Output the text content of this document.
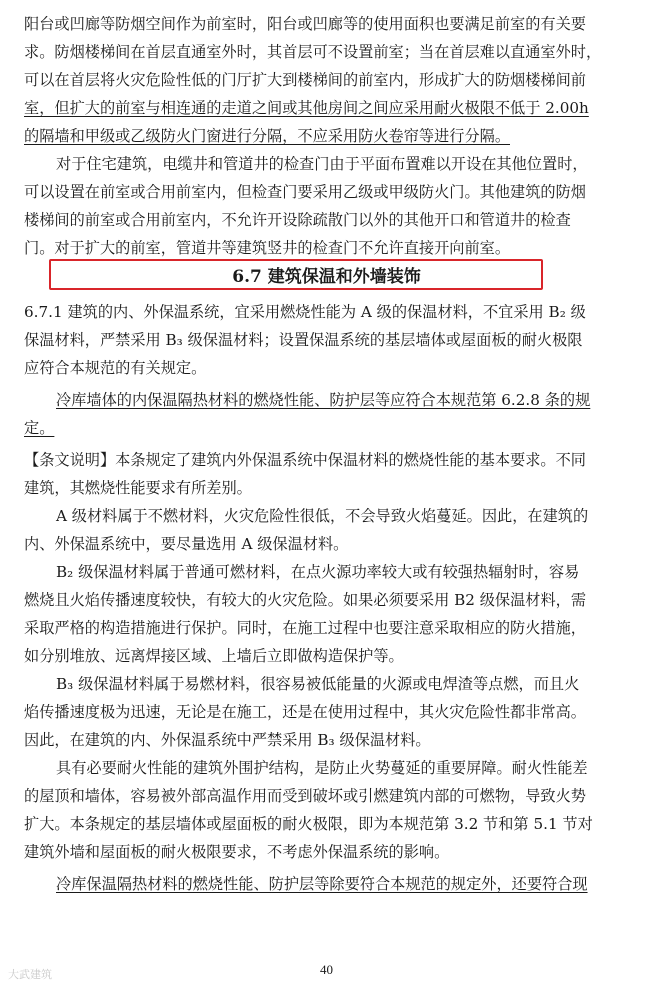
阳台或凹廊等防烟空间作为前室时，阳台或凹廊等的使用面积也要满足前室的有关要
求。防烟楼梯间在首层直通室外时，其首层可不设置前室；当在首层难以直通室外时，
可以在首层将火灾危险性低的门厅扩大到楼梯间的前室内，形成扩大的防烟楼梯间前
室，但扩大的前室与相连通的走道之间或其他房间之间应采用耐火极限不低于 2.00h
的隔墙和甲级或乙级防火门窗进行分隔，不应采用防火卷帘等进行分隔。
对于住宅建筑，电缆井和管道井的检查门由于平面布置难以开设在其他位置时，
可以设置在前室或合用前室内，但检查门要采用乙级或甲级防火门。其他建筑的防烟
楼梯间的前室或合用前室内，不允许开设除疏散门以外的其他开口和管道井的检查
门。对于扩大的前室，管道井等建筑竖井的检查门不允许直接开向前室。
6.7 建筑保温和外墙装饰
6.7.1 建筑的内、外保温系统，宜采用燃烧性能为 A 级的保温材料，不宜采用 B₂ 级
保温材料，严禁采用 B₃ 级保温材料；设置保温系统的基层墙体或屋面板的耐火极限
应符合本规范的有关规定。
冷库墙体的内保温隔热材料的燃烧性能、防护层等应符合本规范第 6.2.8 条的规
定。
【条文说明】本条规定了建筑内外保温系统中保温材料的燃烧性能的基本要求。不同
建筑，其燃烧性能要求有所差别。
A 级材料属于不燃材料，火灾危险性很低，不会导致火焰蔓延。因此，在建筑的
内、外保温系统中，要尽量选用 A 级保温材料。
B₂ 级保温材料属于普通可燃材料，在点火源功率较大或有较强热辐射时，容易
燃烧且火焰传播速度较快，有较大的火灾危险。如果必须要采用 B2 级保温材料，需
采取严格的构造措施进行保护。同时，在施工过程中也要注意采取相应的防火措施，
如分别堆放、远离焊接区域、上墙后立即做构造保护等。
B₃ 级保温材料属于易燃材料，很容易被低能量的火源或电焊渣等点燃，而且火
焰传播速度极为迅速，无论是在施工，还是在使用过程中，其火灾危险性都非常高。
因此，在建筑的内、外保温系统中严禁采用 B₃ 级保温材料。
具有必要耐火性能的建筑外围护结构，是防止火势蔓延的重要屏障。耐火性能差
的屋顶和墙体，容易被外部高温作用而受到破坏或引燃建筑内部的可燃物，导致火势
扩大。本条规定的基层墙体或屋面板的耐火极限，即为本规范第 3.2 节和第 5.1 节对
建筑外墙和屋面板的耐火极限要求，不考虑外保温系统的影响。
冷库保温隔热材料的燃烧性能、防护层等除要符合本规范的规定外，还要符合现
40
大武建筑
